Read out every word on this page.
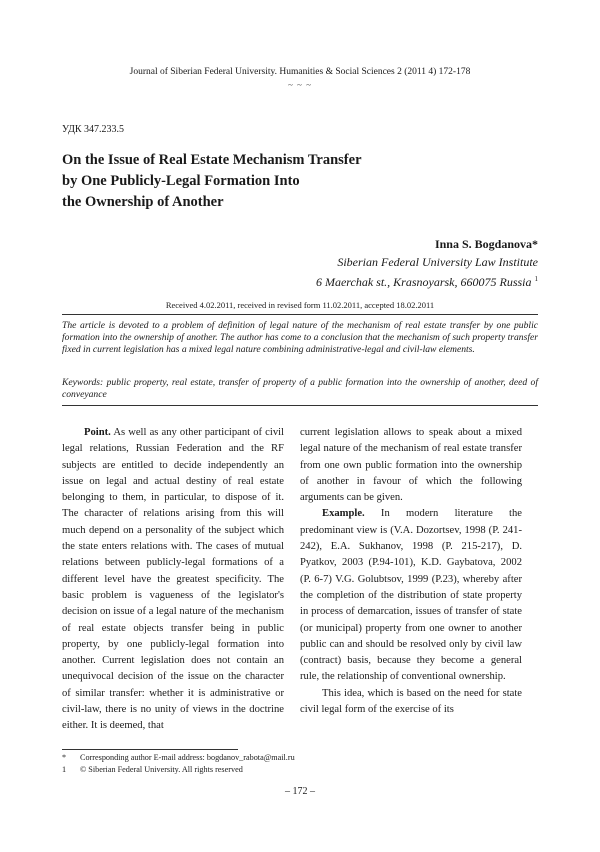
Journal of Siberian Federal University. Humanities & Social Sciences 2 (2011 4) 172-178
~ ~ ~
УДК 347.233.5
On the Issue of Real Estate Mechanism Transfer
by One Publicly-Legal Formation Into
the Ownership of Another
Inna S. Bogdanova*
Siberian Federal University Law Institute
6 Maerchak st., Krasnoyarsk, 660075 Russia $^1$
Received 4.02.2011, received in revised form 11.02.2011, accepted 18.02.2011
The article is devoted to a problem of definition of legal nature of the mechanism of real estate transfer by one public formation into the ownership of another. The author has come to a conclusion that the mechanism of such property transfer fixed in current legislation has a mixed legal nature combining administrative-legal and civil-law elements.
Keywords: public property, real estate, transfer of property of a public formation into the ownership of another, deed of conveyance

Point. As well as any other participant of civil legal relations, Russian Federation and the RF subjects are entitled to decide independently an issue on legal and actual destiny of real estate belonging to them, in particular, to dispose of it. The character of relations arising from this will much depend on a personality of the subject which the state enters relations with. The cases of mutual relations between publicly-legal formations of a different level have the greatest specificity. The basic problem is vagueness of the legislator's decision on issue of a legal nature of the mechanism of real estate objects transfer being in public property, by one publicly-legal formation into another. Current legislation does not contain an unequivocal decision of the issue on the character of similar transfer: whether it is administrative or civil-law, there is no unity of views in the doctrine either. It is deemed, that

current legislation allows to speak about a mixed legal nature of the mechanism of real estate transfer from one own public formation into the ownership of another in favour of which the following arguments can be given.

Example. In modern literature the predominant view is (V.A. Dozortsev, 1998 (P. 241-242), E.A. Sukhanov, 1998 (P. 215-217), D. Pyatkov, 2003 (P.94-101), K.D. Gaybatova, 2002 (P. 6-7) V.G. Golubtsov, 1999 (P.23), whereby after the completion of the distribution of state property in process of demarcation, issues of transfer of state (or municipal) property from one owner to another public can and should be resolved only by civil law (contract) basis, because they become a general rule, the relationship of conventional ownership.

This idea, which is based on the need for state civil legal form of the exercise of its

*	Corresponding author E-mail address: bogdanov_rabota@mail.ru
1	© Siberian Federal University. All rights reserved
– 172 –
